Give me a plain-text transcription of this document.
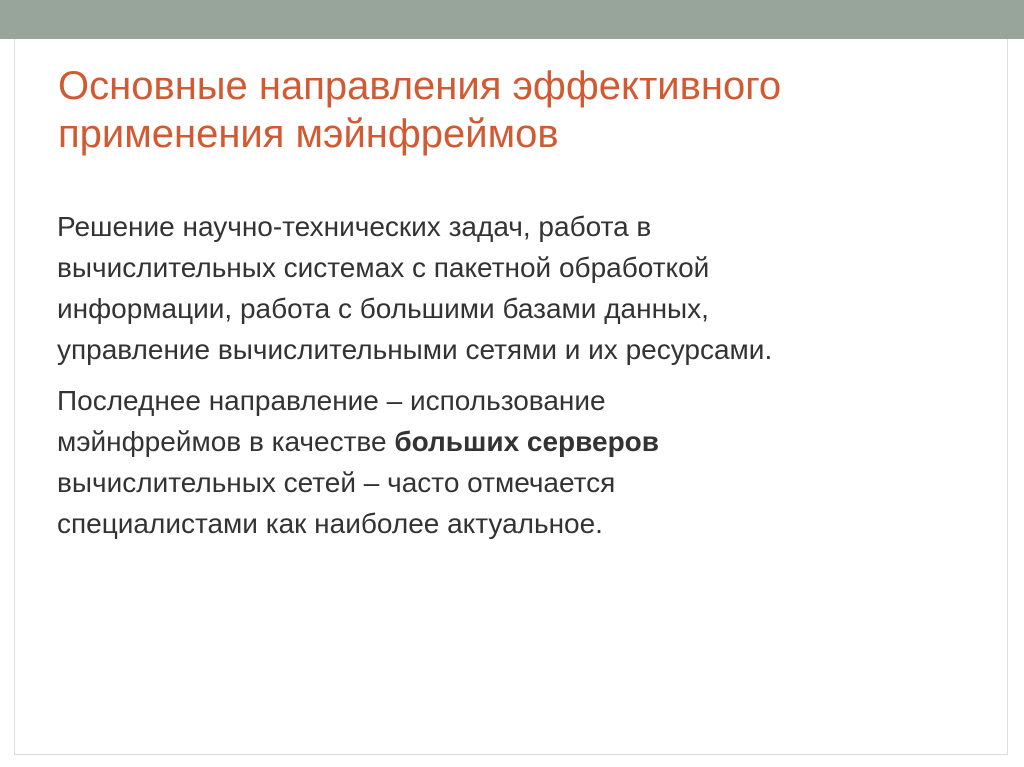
Основные направления эффективного
применения мэйнфреймов

Решение научно-технических задач, работа в
вычислительных системах с пакетной обработкой
информации, работа с большими базами данных,
управление вычислительными сетями и их ресурсами.

Последнее направление – использование
мэйнфреймов в качестве больших серверов
вычислительных сетей – часто отмечается
специалистами как наиболее актуальное.
